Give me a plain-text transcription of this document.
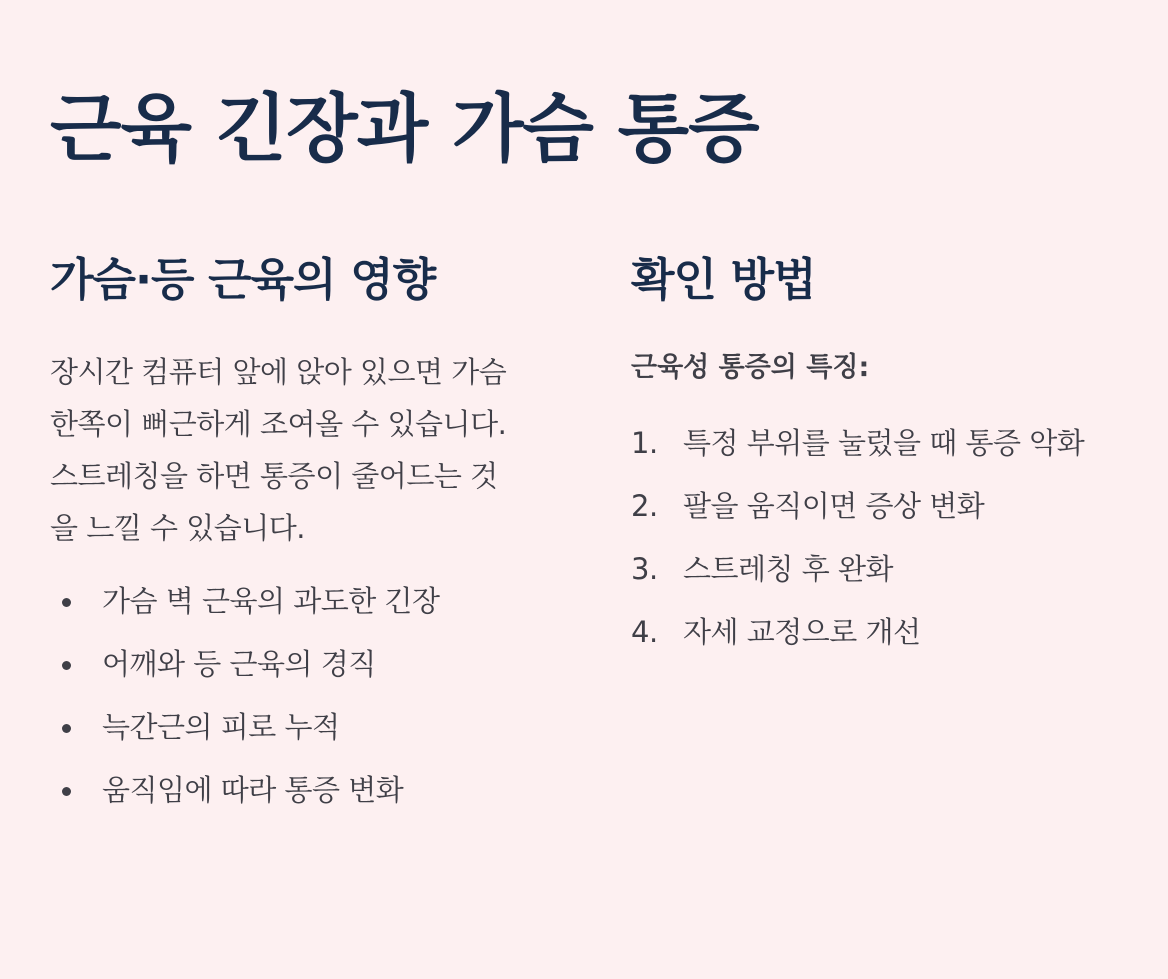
근육 긴장과 가슴 통증
가슴·등 근육의 영향

장시간 컴퓨터 앞에 앉아 있으면 가슴
한쪽이 뻐근하게 조여올 수 있습니다.
스트레칭을 하면 통증이 줄어드는 것
을 느낄 수 있습니다.

가슴 벽 근육의 과도한 긴장
어깨와 등 근육의 경직
늑간근의 피로 누적
움직임에 따라 통증 변화
확인 방법

근육성 통증의 특징:

1. 특정 부위를 눌렀을 때 통증 악화
2. 팔을 움직이면 증상 변화
3. 스트레칭 후 완화
4. 자세 교정으로 개선
